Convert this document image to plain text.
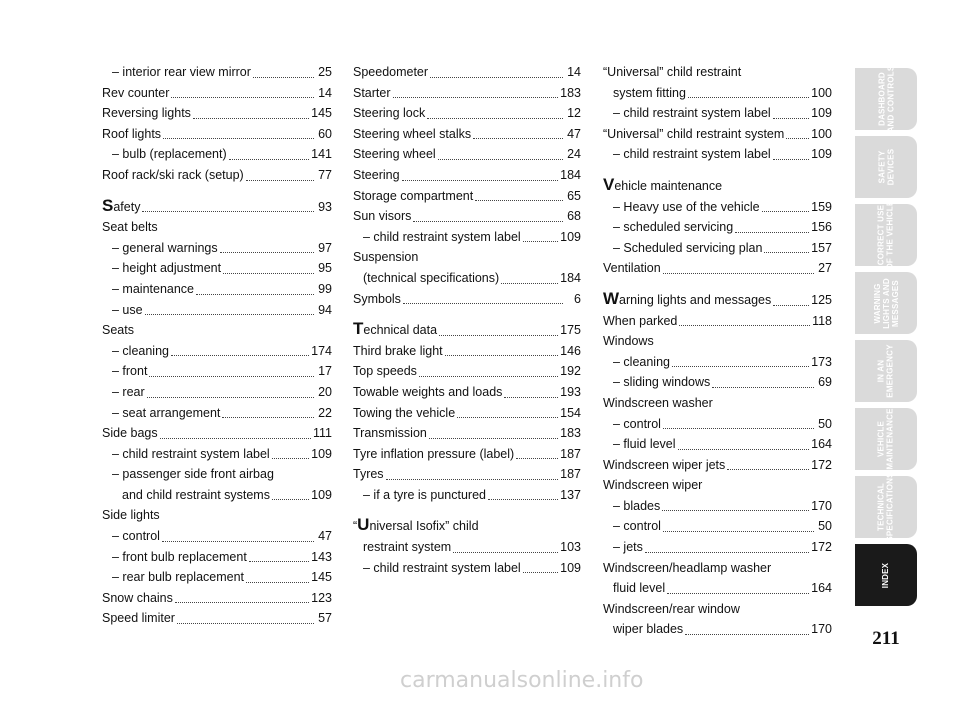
– interior rear view mirror	25
Rev counter	14
Reversing lights	145
Roof lights	60
– bulb (replacement)	141
Roof rack/ski rack (setup)	77
Safety	93
Seat belts
– general warnings	97
– height adjustment	95
– maintenance	99
– use	94
Seats
– cleaning	174
– front	17
– rear	20
– seat arrangement	22
Side bags	111
– child restraint system label	109
– passenger side front airbag
and child restraint systems	109
Side lights
– control	47
– front bulb replacement	143
– rear bulb replacement	145
Snow chains	123
Speed limiter	57
Speedometer	14
Starter	183
Steering lock	12
Steering wheel stalks	47
Steering wheel	24
Steering	184
Storage compartment	65
Sun visors	68
– child restraint system label	109
Suspension
(technical specifications)	184
Symbols	6
Technical data	175
Third brake light	146
Top speeds	192
Towable weights and loads	193
Towing the vehicle	154
Transmission	183
Tyre inflation pressure (label)	187
Tyres	187
– if a tyre is punctured	137
“Universal Isofix” child
restraint system	103
– child restraint system label	109
“Universal” child restraint
system fitting	100
– child restraint system label	109
“Universal” child restraint system 100
– child restraint system label	109
Vehicle maintenance
– Heavy use of the vehicle	159
– scheduled servicing	156
– Scheduled servicing plan	157
Ventilation	27
Warning lights and messages	125
When parked	118
Windows
– cleaning	173
– sliding windows	69
Windscreen washer
– control	50
– fluid level	164
Windscreen wiper jets	172
Windscreen wiper
– blades	170
– control	50
– jets	172
Windscreen/headlamp washer
fluid level	164
Windscreen/rear window
wiper blades	170
DASHBOARD AND CONTROLS
SAFETY DEVICES
CORRECT USE OF THE VEHICLE
WARNING LIGHTS AND MESSAGES
IN AN EMERGENCY
VEHICLE MAINTENANCE
TECHNICAL SPECIFICATIONS
INDEX
211
carmanualsonline.info
